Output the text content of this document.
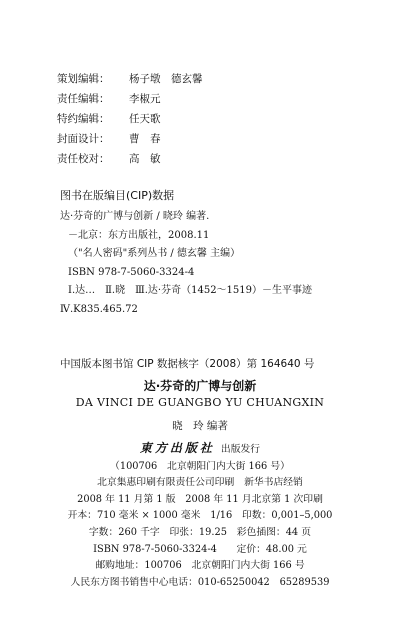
策划编辑：	杨子墩　德玄馨
责任编辑：	李椒元
特约编辑：	任天歌
封面设计：	曹　春
责任校对：	高　敏
图书在版编目(CIP)数据
达·芬奇的广博与创新 / 晓玲 编著.
－北京：东方出版社，2008.11
（"名人密码"系列丛书 / 德玄馨 主编）
ISBN 978-7-5060-3324-4
Ⅰ.达…　Ⅱ.晓　Ⅲ.达·芬奇（1452～1519）－生平事迹
Ⅳ.K835.465.72
中国版本图书馆 CIP 数据核字（2008）第 164640 号
达·芬奇的广博与创新
DA VINCI DE GUANGBO YU CHUANGXIN
晓　玲 编著
東方出版社 出版发行
（100706　北京朝阳门内大街 166 号）
北京集惠印刷有限责任公司印刷　新华书店经销
2008 年 11 月第 1 版　2008 年 11 月北京第 1 次印刷
开本：710 毫米 × 1000 毫米　1/16　印数：0,001–5,000
字数：260 千字　印张：19.25　彩色插图：44 页
ISBN 978-7-5060-3324-4　　定价：48.00 元
邮购地址：100706　北京朝阳门内大街 166 号
人民东方图书销售中心电话：010-65250042　65289539
